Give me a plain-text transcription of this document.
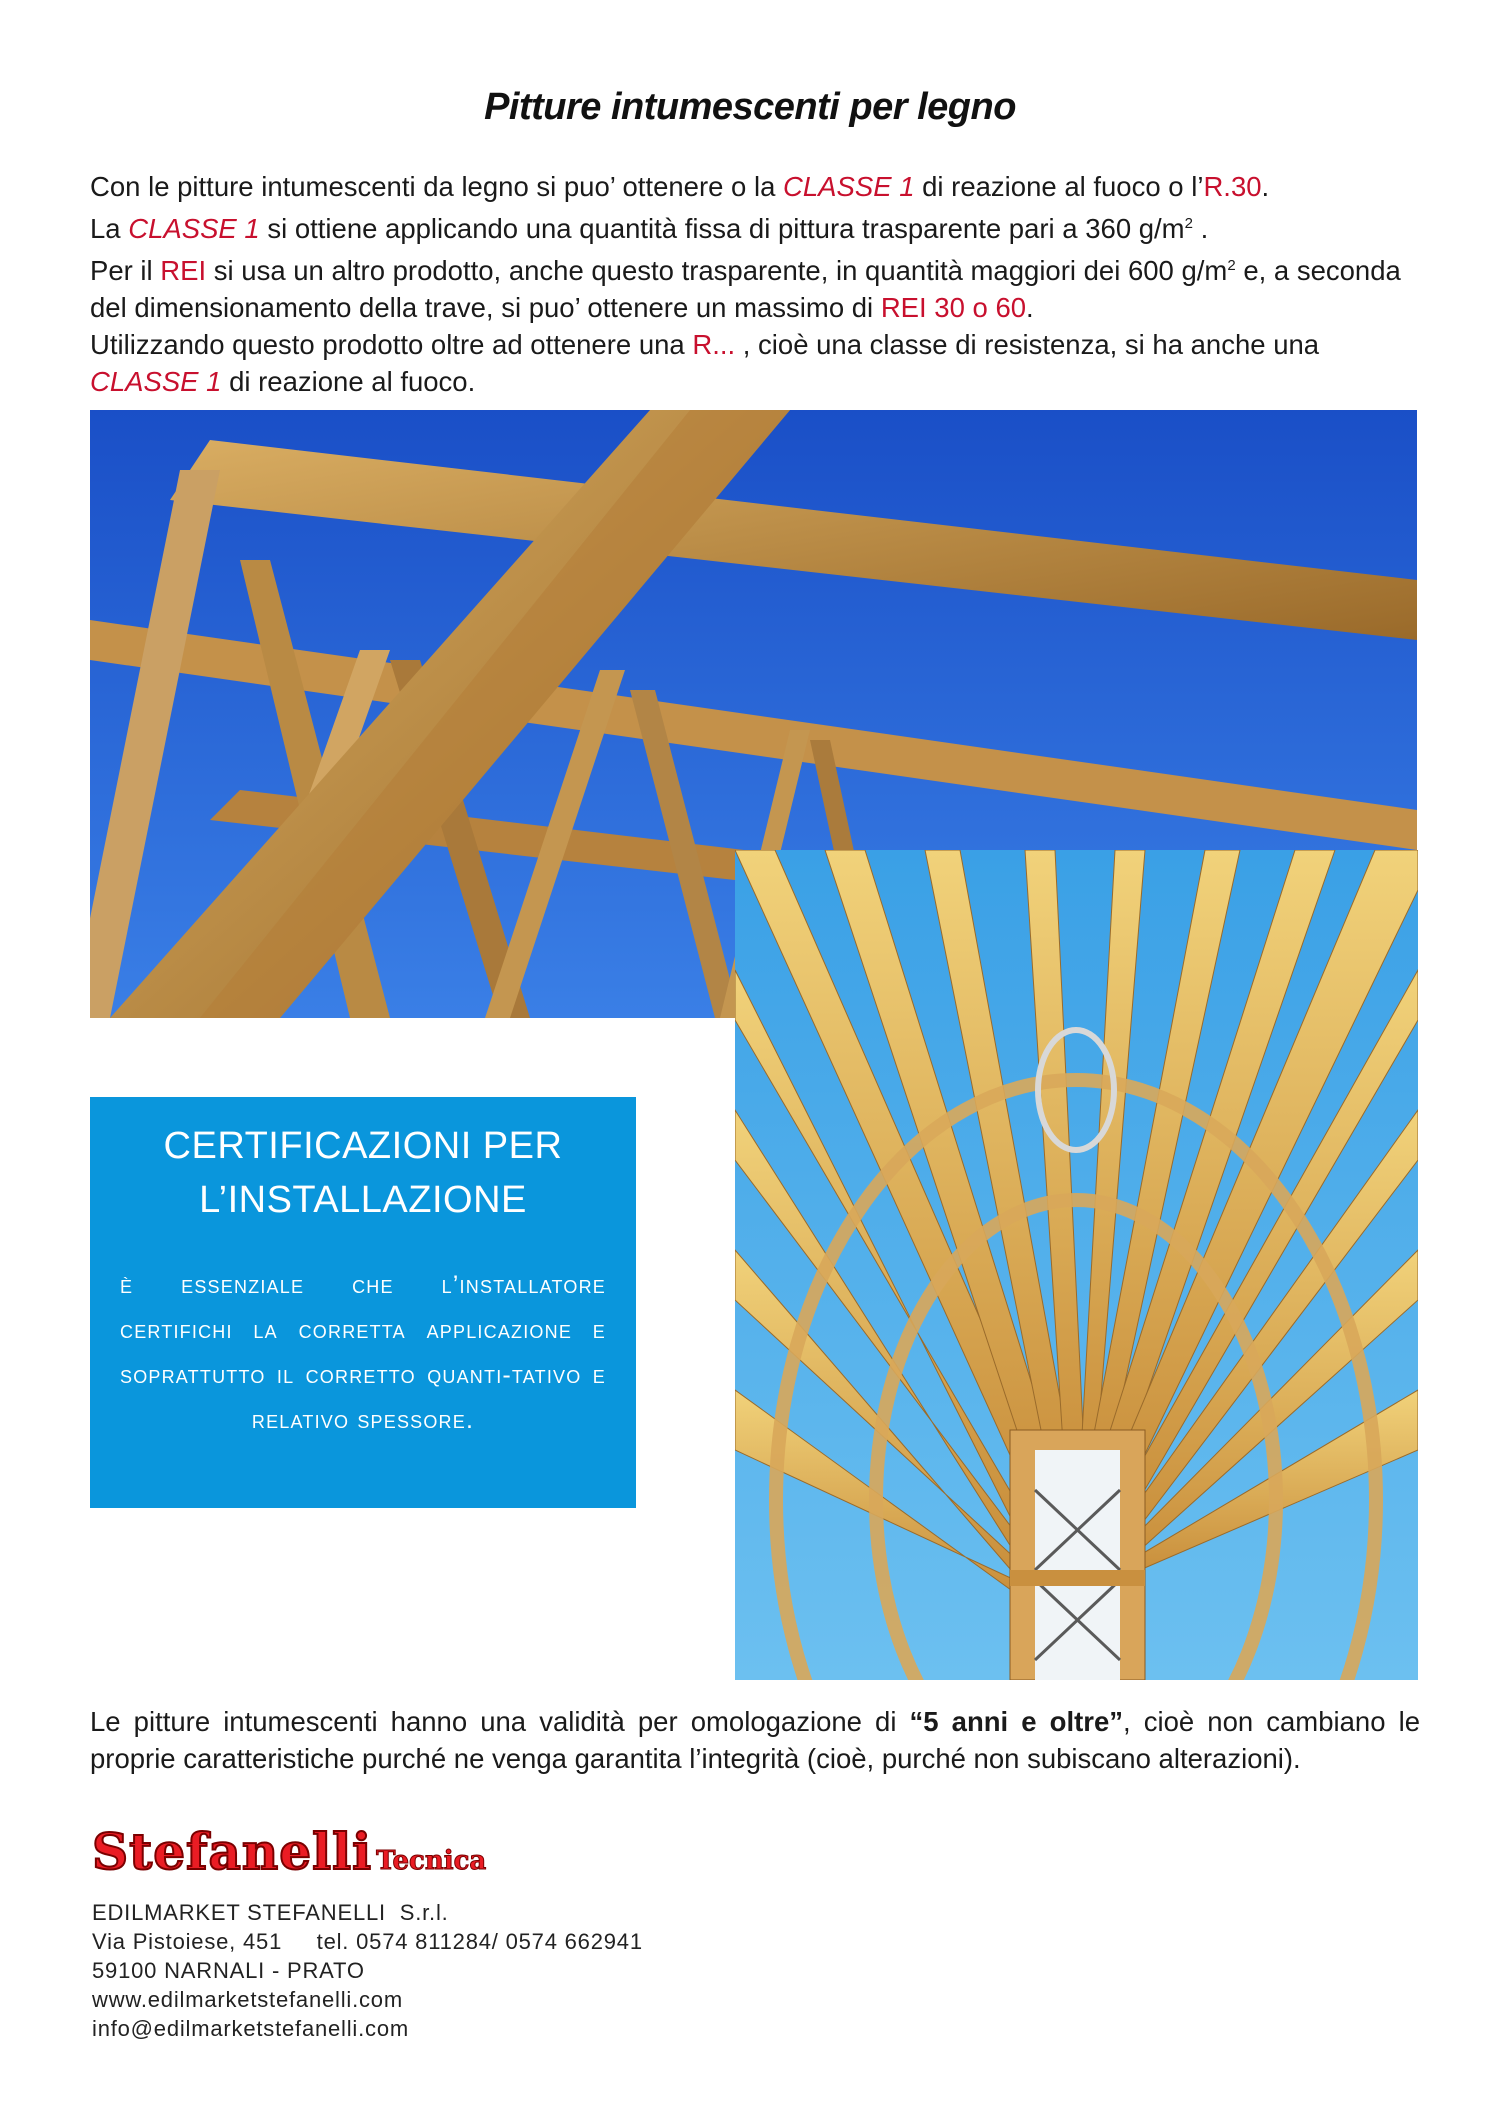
Pitture intumescenti per legno

Con le pitture intumescenti da legno si puo’ ottenere o la CLASSE 1 di reazione al fuoco o l’R.30.

La CLASSE 1 si ottiene applicando una quantità fissa di pittura trasparente pari a 360 $g/m^2$ .

Per il REI si usa un altro prodotto, anche questo trasparente, in quantità maggiori dei 600 $g/m^2$ e, a seconda

del dimensionamento della trave, si puo’ ottenere un massimo di REI 30 o 60.

Utilizzando questo prodotto oltre ad ottenere una R... , cioè una classe di resistenza, si ha anche una

CLASSE 1 di reazione al fuoco.

CERTIFICAZIONI PER
L’INSTALLAZIONE
è essenziale che l’installatore certifichi la corretta applicazione e soprattutto il corretto quanti-tativo e relativo spessore.
Le pitture intumescenti hanno una validità per omologazione di “5 anni e oltre”, cioè non cambiano le proprie caratteristiche purché ne venga garantita l’integrità (cioè, purché non subiscano alterazioni).
Stefanelli Tecnica
EDILMARKET STEFANELLI  S.r.l.
Via Pistoiese, 451     tel. 0574 811284/ 0574 662941
59100 NARNALI - PRATO
www.edilmarketstefanelli.com
info@edilmarketstefanelli.com
